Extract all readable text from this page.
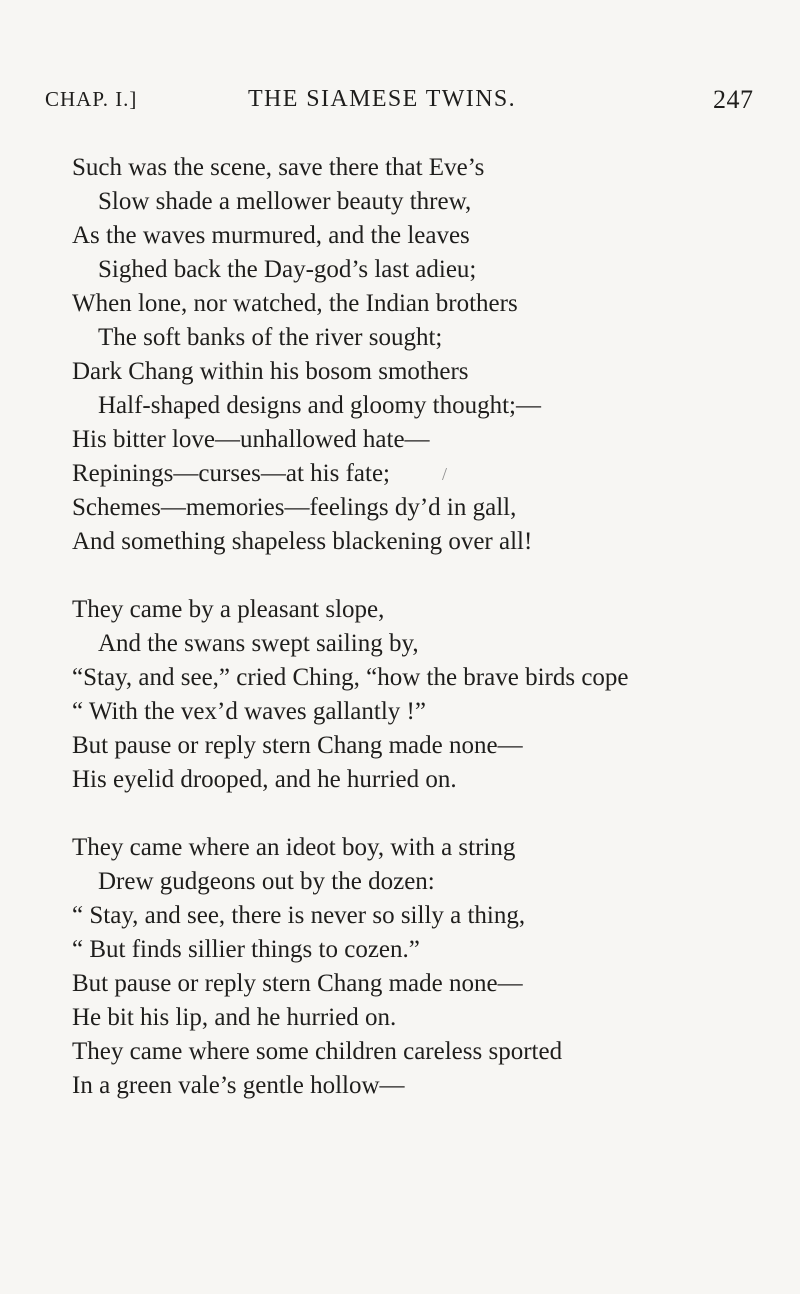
CHAP. I.]	THE SIAMESE TWINS.	247
Such was the scene, save there that Eve’s
Slow shade a mellower beauty threw,
As the waves murmured, and the leaves
Sighed back the Day-god’s last adieu;
When lone, nor watched, the Indian brothers
The soft banks of the river sought;
Dark Chang within his bosom smothers
Half-shaped designs and gloomy thought;—
His bitter love—unhallowed hate—
Repinings—curses—at his fate;
Schemes—memories—feelings dy’d in gall,
And something shapeless blackening over all!
/
They came by a pleasant slope,
And the swans swept sailing by,
“Stay, and see,” cried Ching, “how the brave birds cope
“ With the vex’d waves gallantly !”
But pause or reply stern Chang made none—
His eyelid drooped, and he hurried on.
They came where an ideot boy, with a string
Drew gudgeons out by the dozen:
“ Stay, and see, there is never so silly a thing,
“ But finds sillier things to cozen.”
But pause or reply stern Chang made none—
He bit his lip, and he hurried on.
They came where some children careless sported
In a green vale’s gentle hollow—
